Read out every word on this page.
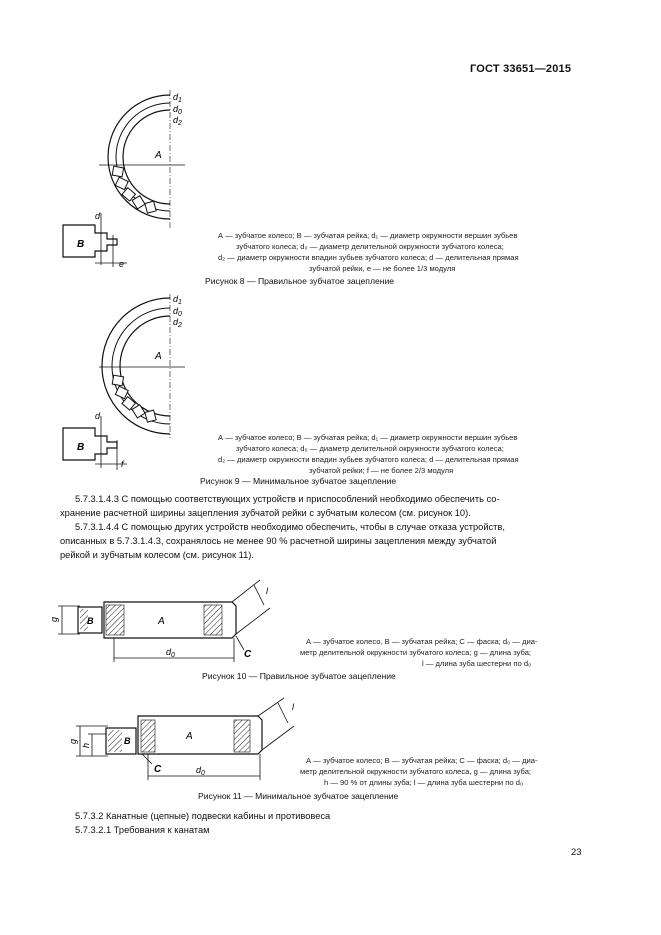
ГОСТ 33651—2015
A
$d_1$
$d_0$
$d_2$
B
d
e
А — зубчатое колесо; В — зубчатая рейка; d₁ — диаметр окружности вершин зубьев
зубчатого колеса; d₀ — диаметр делительной окружности зубчатого колеса;
d₂ — диаметр окружности впадин зубьев зубчатого колеса; d — делительная прямая
зубчатой рейки, e — не более 1/3 модуля
Рисунок 8 — Правильное зубчатое зацепление
A
$d_1$
$d_0$
$d_2$
B
d
f
А — зубчатое колесо; В — зубчатая рейка; d₁ — диаметр окружности вершин зубьев
зубчатого колеса; d₀ — диаметр делительной окружности зубчатого колеса;
d₂ — диаметр окружности впадин зубьев зубчатого колеса; d — делительная прямая
зубчатой рейки; f — не более 2/3 модуля
Рисунок 9 — Минимальное зубчатое зацепление
5.7.3.1.4.3 С помощью соответствующих устройств и приспособлений необходимо обеспечить со-
хранение расчетной ширины зацепления зубчатой рейки с зубчатым колесом (см. рисунок 10).
5.7.3.1.4.4 С помощью других устройств необходимо обеспечить, чтобы в случае отказа устройств,
описанных в 5.7.3.1.4.3, сохранялось не менее 90 % расчетной ширины зацепления между зубчатой
рейкой и зубчатым колесом (см. рисунок 11).
g	B	A
$d_0$	C
l
А — зубчатое колесо, В — зубчатая рейка; С — фаска; d₀ — диа-
метр делительной окружности зубчатого колеса; g — длина зуба;
l — длина зуба шестерни по d₀
Рисунок 10 — Правильное зубчатое зацепление
g
h	B	A
C	$d_0$
l
А — зубчатое колесо; В — зубчатая рейка; С — фаска; d₀ — диа-
метр делительной окружности зубчатого колеса, g — длина зуба;
h — 90 % от длины зуба; l — длина зуба шестерни по d₀
Рисунок 11 — Минимальное зубчатое зацепление
5.7.3.2 Канатные (цепные) подвески кабины и противовеса
5.7.3.2.1 Требования к канатам
23
